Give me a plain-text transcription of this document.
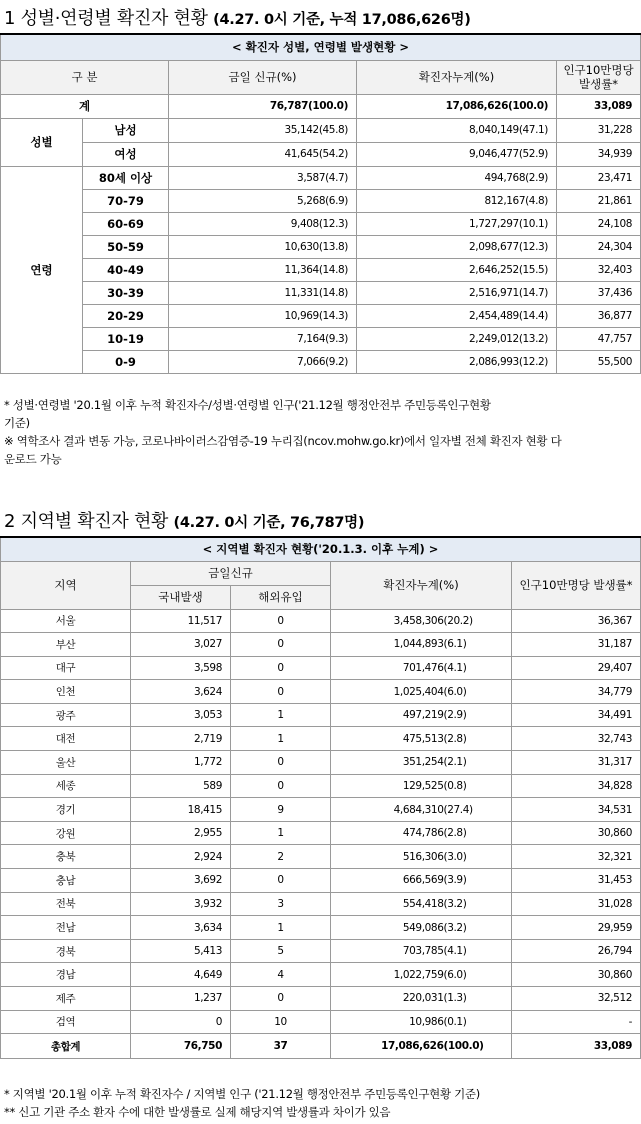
1 성별·연령별 확진자 현황 (4.27. 0시 기준, 누적 17,086,626명)
< 확진자 성별, 연령별 발생현황 >				
구 분		금일 신규(%)	확진자누계(%)	인구10만명당 발생률*
계		76,787(100.0)	17,086,626(100.0)	33,089
성별	남성	35,142(45.8)	8,040,149(47.1)	31,228
	여성	41,645(54.2)	9,046,477(52.9)	34,939
연령	80세 이상	3,587(4.7)	494,768(2.9)	23,471
	70-79	5,268(6.9)	812,167(4.8)	21,861
	60-69	9,408(12.3)	1,727,297(10.1)	24,108
	50-59	10,630(13.8)	2,098,677(12.3)	24,304
	40-49	11,364(14.8)	2,646,252(15.5)	32,403
	30-39	11,331(14.8)	2,516,971(14.7)	37,436
	20-29	10,969(14.3)	2,454,489(14.4)	36,877
	10-19	7,164(9.3)	2,249,012(13.2)	47,757
	0-9	7,066(9.2)	2,086,993(12.2)	55,500
* 성별·연령별 '20.1월 이후 누적 확진자수/성별·연령별 인구('21.12월 행정안전부 주민등록인구현황
기준)
※ 역학조사 결과 변동 가능, 코로나바이러스감염증-19 누리집(ncov.mohw.go.kr)에서 일자별 전체 확진자 현황 다
운로드 가능
2 지역별 확진자 현황 (4.27. 0시 기준, 76,787명)
< 지역별 확진자 현황('20.1.3. 이후 누계) >					
지역	금일신규		확진자누계(%)		인구10만명당 발생률*
	국내발생	해외유입			
서울	11,517	0	3,458,306	(20.2)	36,367
부산	3,027	0	1,044,893	(6.1)	31,187
대구	3,598	0	701,476	(4.1)	29,407
인천	3,624	0	1,025,404	(6.0)	34,779
광주	3,053	1	497,219	(2.9)	34,491
대전	2,719	1	475,513	(2.8)	32,743
울산	1,772	0	351,254	(2.1)	31,317
세종	589	0	129,525	(0.8)	34,828
경기	18,415	9	4,684,310	(27.4)	34,531
강원	2,955	1	474,786	(2.8)	30,860
충북	2,924	2	516,306	(3.0)	32,321
충남	3,692	0	666,569	(3.9)	31,453
전북	3,932	3	554,418	(3.2)	31,028
전남	3,634	1	549,086	(3.2)	29,959
경북	5,413	5	703,785	(4.1)	26,794
경남	4,649	4	1,022,759	(6.0)	30,860
제주	1,237	0	220,031	(1.3)	32,512
검역	0	10	10,986	(0.1)	-
총합계	76,750	37	17,086,626	(100.0)	33,089
* 지역별 '20.1월 이후 누적 확진자수 / 지역별 인구 ('21.12월 행정안전부 주민등록인구현황 기준)
** 신고 기관 주소 환자 수에 대한 발생률로 실제 해당지역 발생률과 차이가 있음
